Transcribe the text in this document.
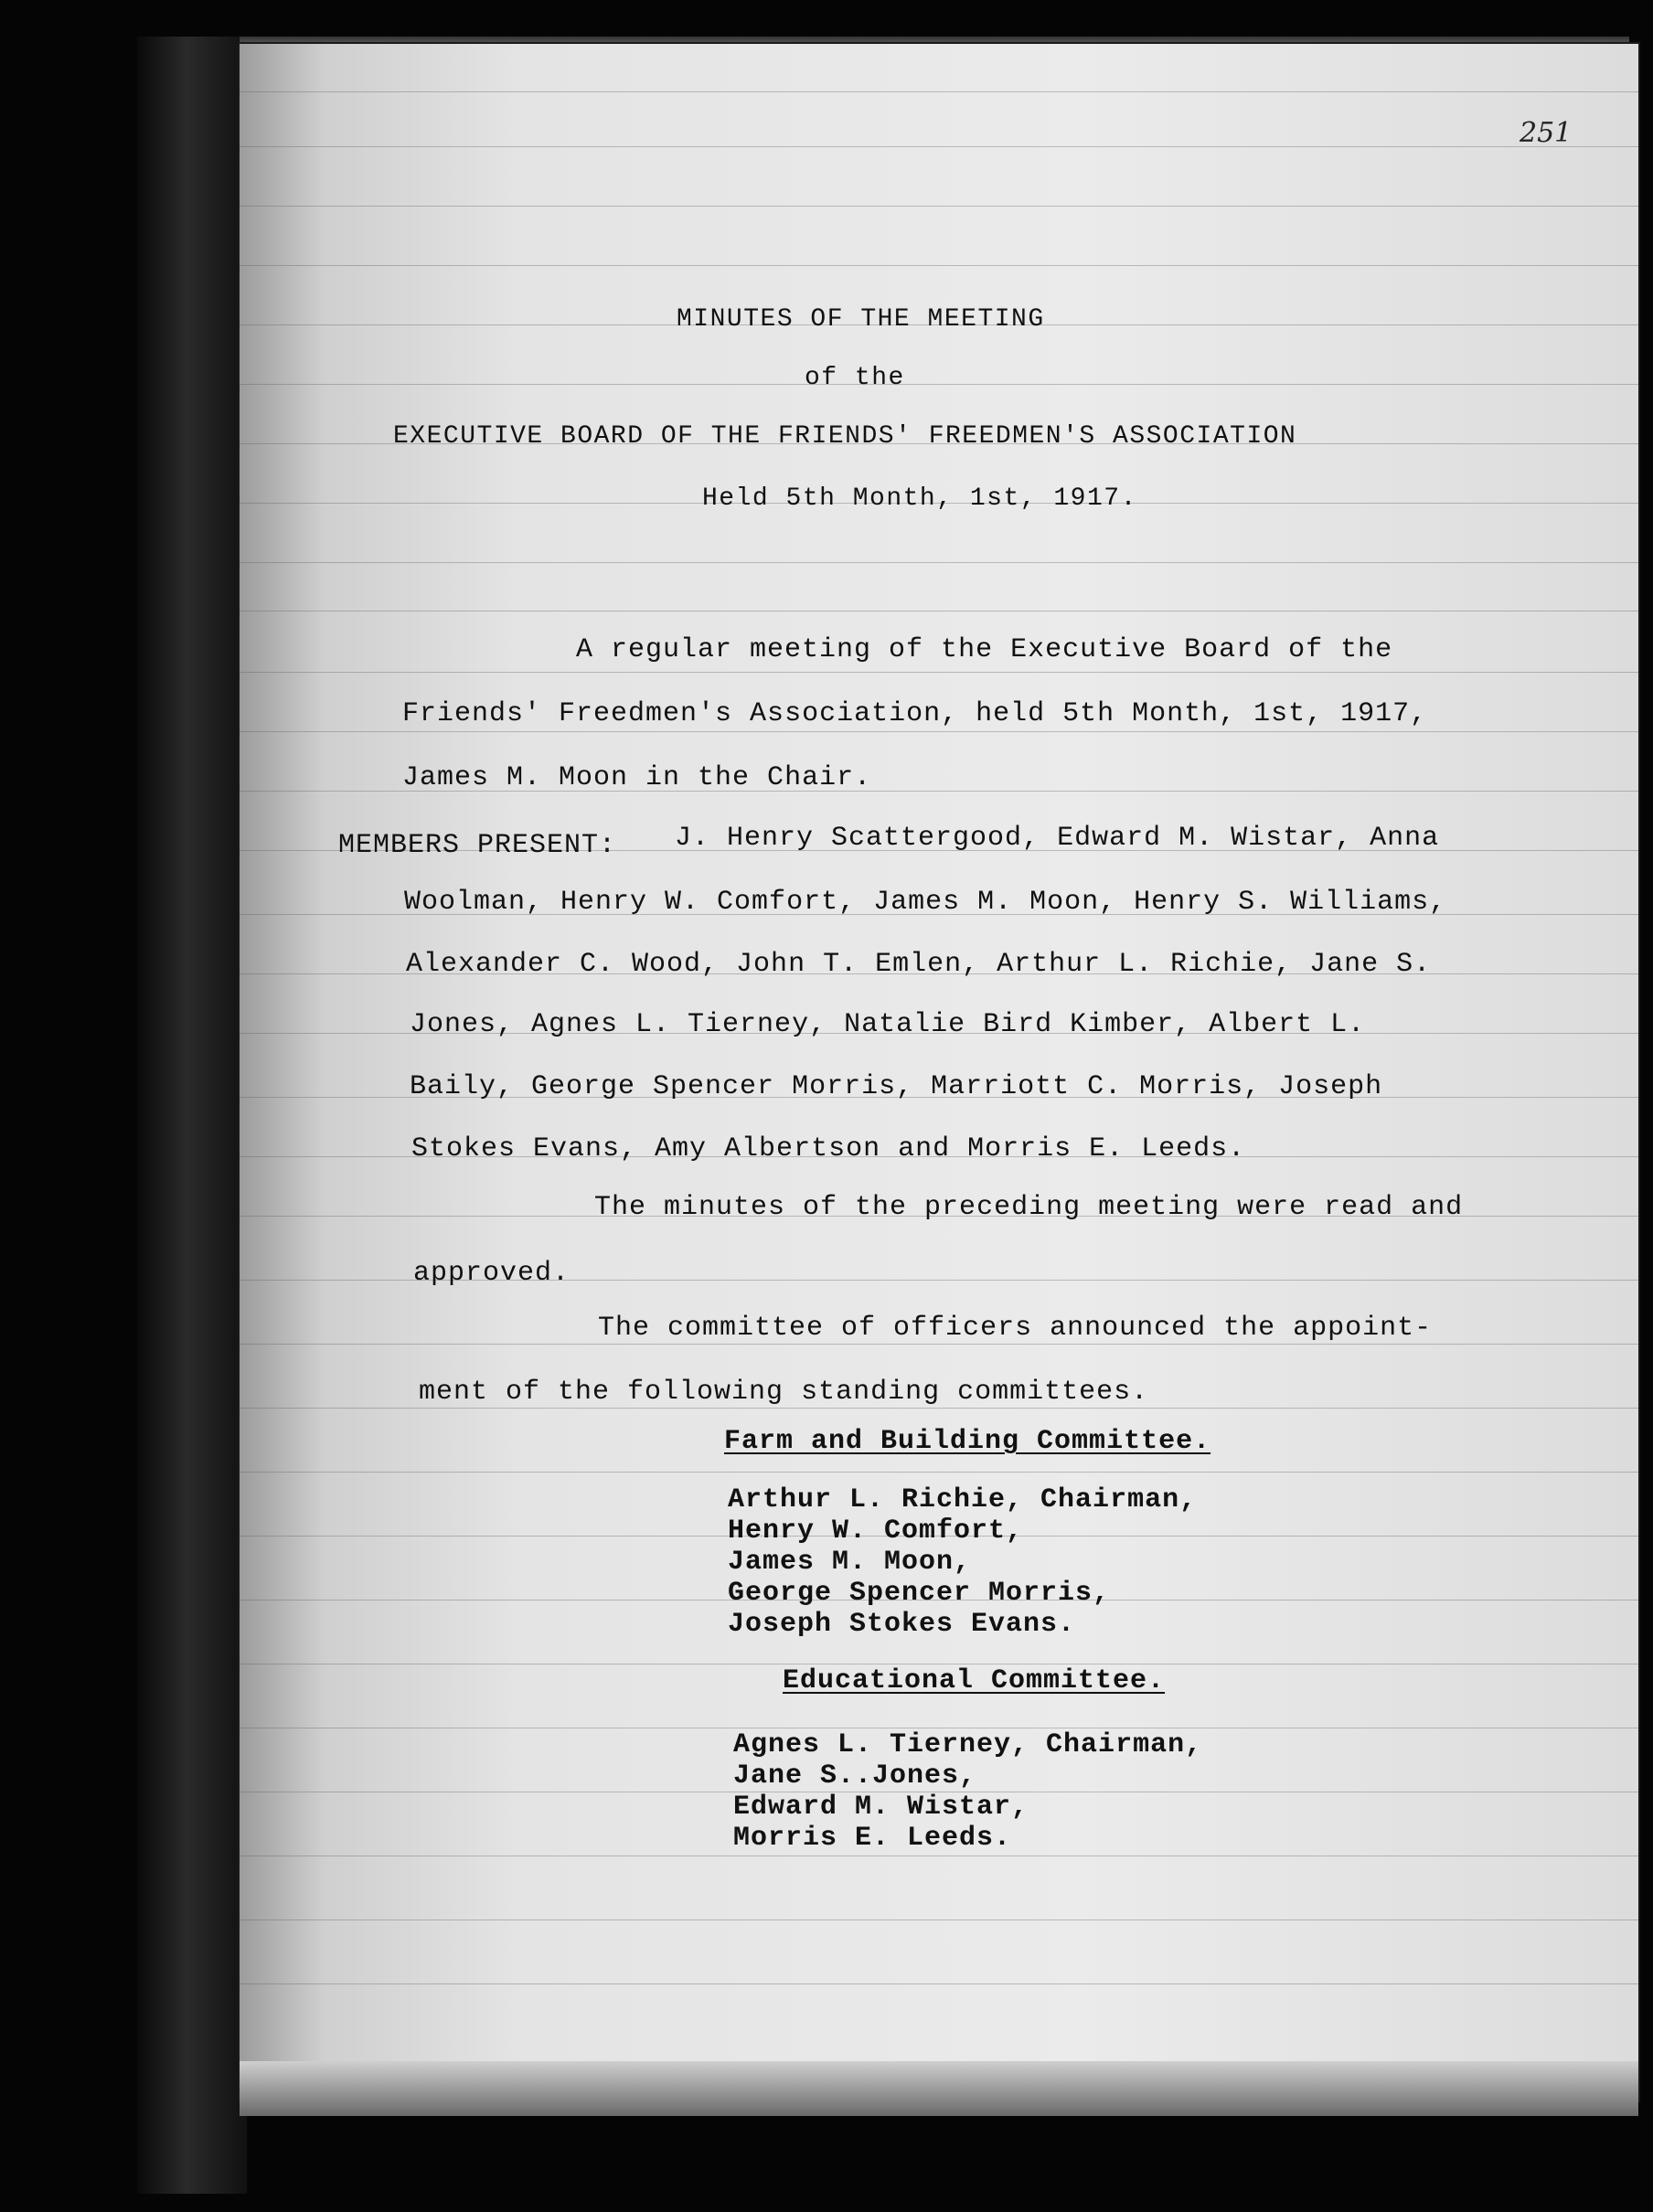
251
MINUTES OF THE MEETING
of the
EXECUTIVE BOARD OF THE FRIENDS' FREEDMEN'S ASSOCIATION
Held 5th Month, 1st, 1917.
A regular meeting of the Executive Board of the
Friends' Freedmen's Association, held 5th Month, 1st, 1917,
James M. Moon in the Chair.
MEMBERS PRESENT: J. Henry Scattergood, Edward M. Wistar, Anna
Woolman, Henry W. Comfort, James M. Moon, Henry S. Williams,
Alexander C. Wood, John T. Emlen, Arthur L. Richie, Jane S.
Jones, Agnes L. Tierney, Natalie Bird Kimber, Albert L.
Baily, George Spencer Morris, Marriott C. Morris, Joseph
Stokes Evans, Amy Albertson and Morris E. Leeds.
The minutes of the preceding meeting were read and
approved.
The committee of officers announced the appoint-
ment of the following standing committees.
Farm and Building Committee.
Arthur L. Richie, Chairman,
Henry W. Comfort,
James M. Moon,
George Spencer Morris,
Joseph Stokes Evans.
Educational Committee.
Agnes L. Tierney, Chairman,
Jane S..Jones,
Edward M. Wistar,
Morris E. Leeds.
